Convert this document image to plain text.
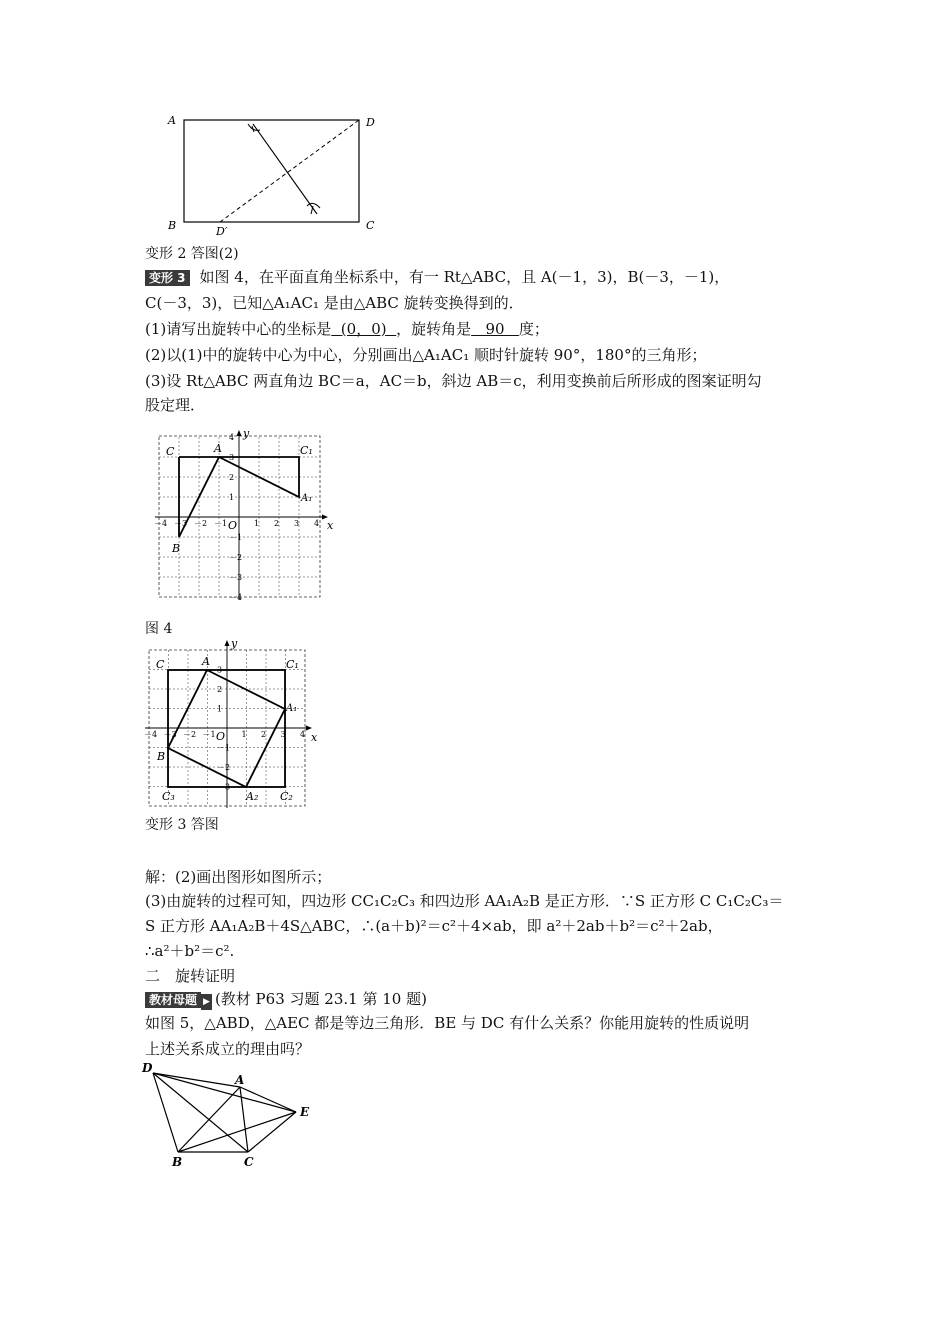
A	D
B	C
D′
变形 2 答图(2)
变形 3 如图 4，在平面直角坐标系中，有一 Rt△ABC，且 A(－1，3)，B(－3，－1)，
C(－3，3)，已知△A₁AC₁ 是由△ABC 旋转变换得到的．
(1)请写出旋转中心的坐标是 (0，0) ，旋转角是 90 度；
(2)以(1)中的旋转中心为中心，分别画出△A₁AC₁ 顺时针旋转 90°，180°的三角形；
(3)设 Rt△ABC 两直角边 BC＝a，AC＝b，斜边 AB＝c，利用变换前后所形成的图案证明勾
股定理．
－4 －3 －2 －1	1 2 3 4
4
3
2
1
－1
－2
－3
－4
x
y
O
C	A	C₁
A₁
B
图 4
－4 －3 －2 －1	1 2 3 4
3
2
1
－1
－2
－3
x
y
O
C	A	C₁
A₁
B
C₃	A₂ C₂
变形 3 答图
解：(2)画出图形如图所示；
(3)由旋转的过程可知，四边形 CC₁C₂C₃ 和四边形 AA₁A₂B 是正方形．∵S 正方形 C C₁C₂C₃＝
S 正方形 AA₁A₂B＋4S△ABC，∴(a＋b)²＝c²＋4×ab，即 a²＋2ab＋b²＝c²＋2ab，
∴a²＋b²＝c².
二　旋转证明
教材母题 ▶ (教材 P63 习题 23.1 第 10 题)
如图 5，△ABD，△AEC 都是等边三角形．BE 与 DC 有什么关系？你能用旋转的性质说明
上述关系成立的理由吗？
D
A
E
B	C
